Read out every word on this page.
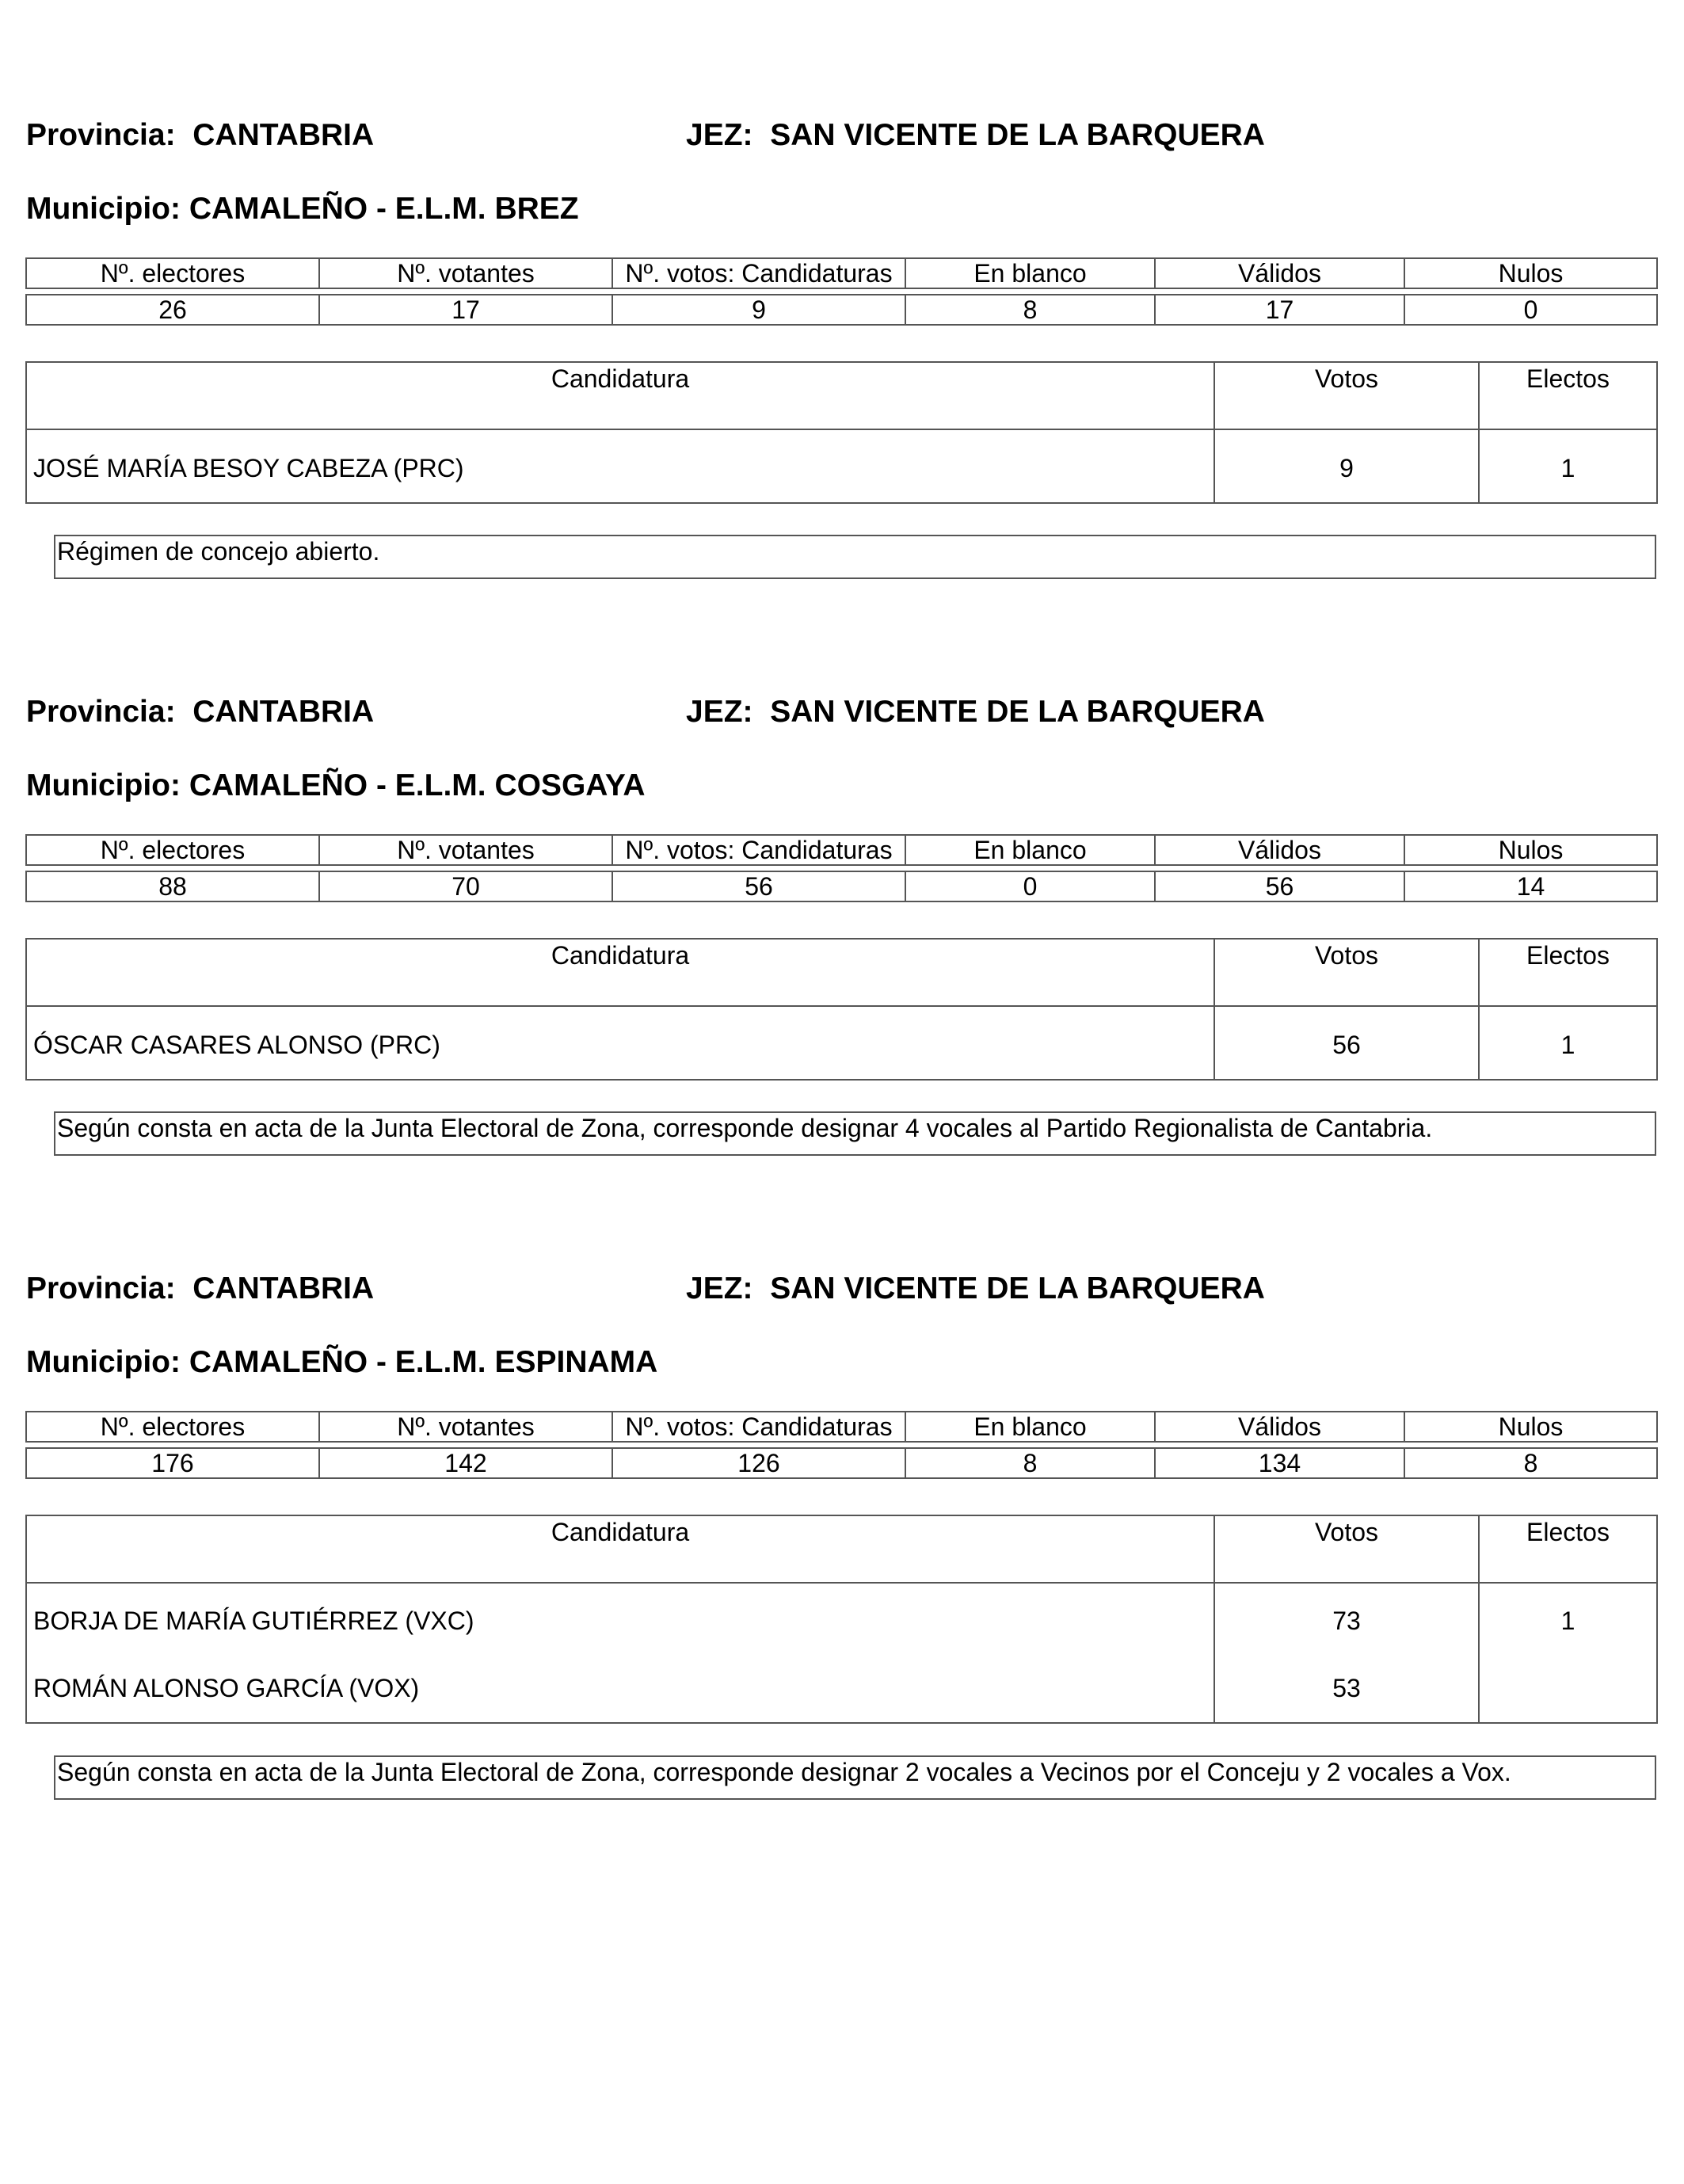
Provincia: CANTABRIA	JEZ: SAN VICENTE DE LA BARQUERA
Municipio: CAMALEÑO - E.L.M. BREZ
Nº. electores	Nº. votantes	Nº. votos: Candidaturas	En blanco	Válidos	Nulos

26	17	9	8	17	0
Candidatura	Votos	Electos
JOSÉ MARÍA BESOY CABEZA (PRC)	9	1
Régimen de concejo abierto.
Provincia: CANTABRIA	JEZ: SAN VICENTE DE LA BARQUERA
Municipio: CAMALEÑO - E.L.M. COSGAYA
Nº. electores	Nº. votantes	Nº. votos: Candidaturas	En blanco	Válidos	Nulos

88	70	56	0	56	14
Candidatura	Votos	Electos
ÓSCAR CASARES ALONSO (PRC)	56	1
Según consta en acta de la Junta Electoral de Zona, corresponde designar 4 vocales al Partido Regionalista de Cantabria.
Provincia: CANTABRIA	JEZ: SAN VICENTE DE LA BARQUERA
Municipio: CAMALEÑO - E.L.M. ESPINAMA
Nº. electores	Nº. votantes	Nº. votos: Candidaturas	En blanco	Válidos	Nulos

176	142	126	8	134	8
Candidatura	Votos	Electos
BORJA DE MARÍA GUTIÉRREZ (VXC)	73	1
ROMÁN ALONSO GARCÍA (VOX)	53	
Según consta en acta de la Junta Electoral de Zona, corresponde designar 2 vocales a Vecinos por el Conceju y 2 vocales a Vox.
